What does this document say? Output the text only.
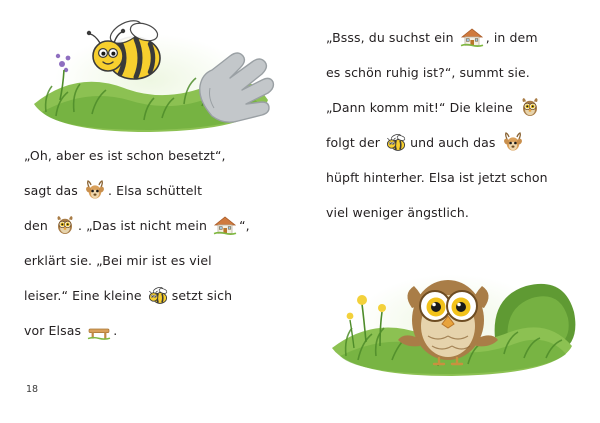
„Oh, aber es ist schon besetzt“,
sagt das . Elsa schüttelt
den . „Das ist nicht mein	“,
erklärt sie. „Bei mir ist es viel
leiser.“ Eine kleine setzt sich
vor Elsas	.
18
„Bsss, du suchst ein	, in dem
es schön ruhig ist?“, summt sie.
„Dann komm mit!“ Die kleine
folgt der und auch das
hüpft hinterher. Elsa ist jetzt schon
viel weniger ängstlich.
